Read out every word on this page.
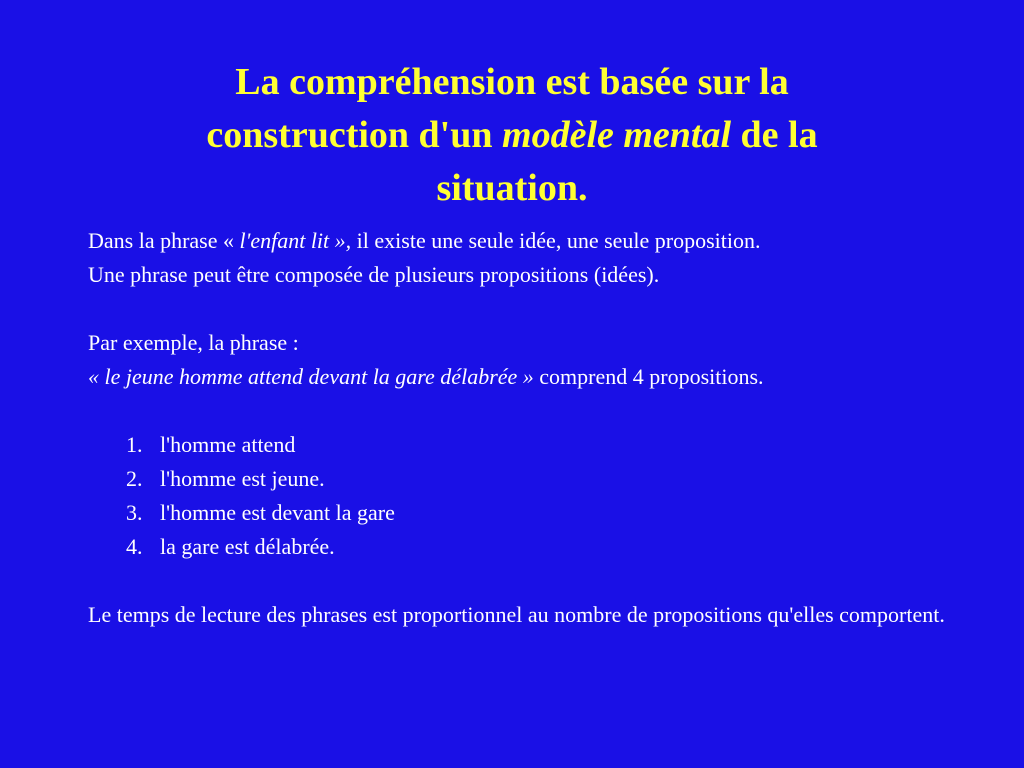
La compréhension est basée sur la
construction d'un modèle mental de la
situation.

Dans la phrase « l'enfant lit », il existe une seule idée, une seule proposition.

Une phrase peut être composée de plusieurs propositions (idées).

Par exemple, la phrase :

« le jeune homme attend devant la gare délabrée » comprend 4 propositions.

1. l'homme attend
2. l'homme est jeune.
3. l'homme est devant la gare
4. la gare est délabrée.

Le temps de lecture des phrases est proportionnel au nombre de propositions qu'elles comportent.
